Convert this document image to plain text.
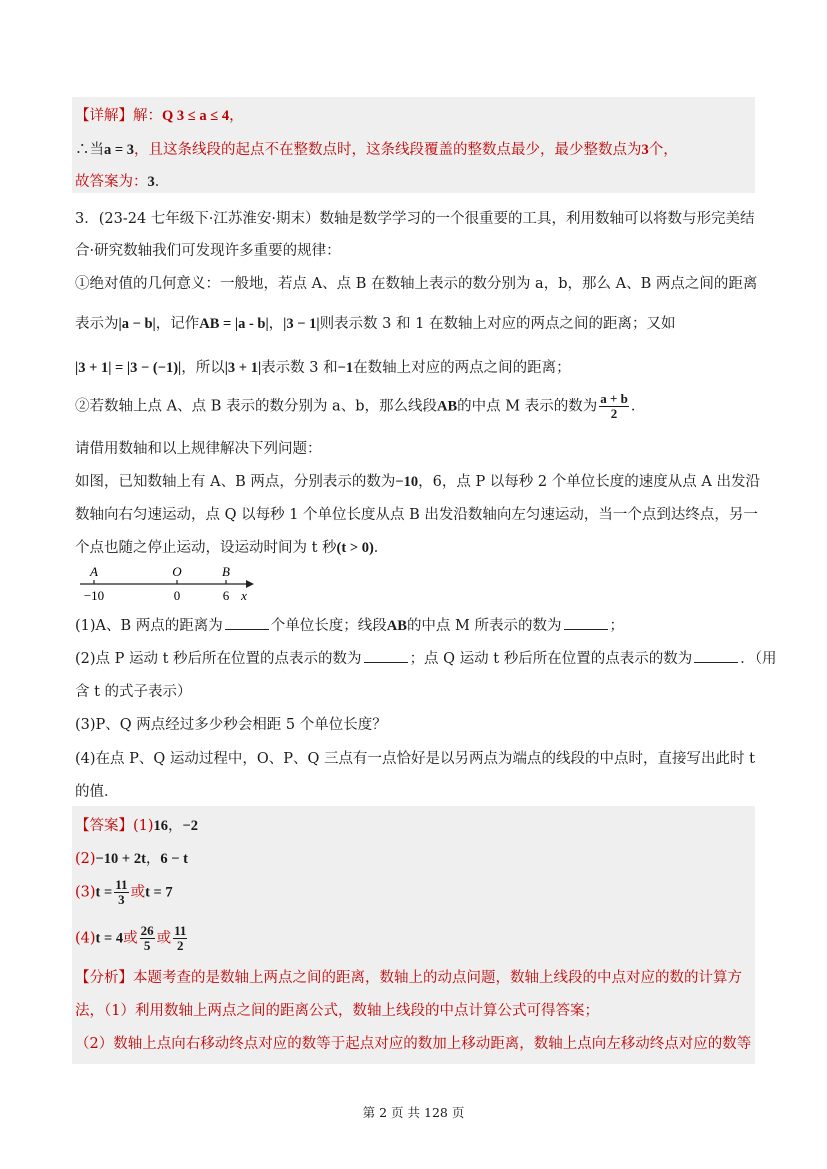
【详解】解：Q 3 ≤ a ≤ 4，
∴当a = 3，且这条线段的起点不在整数点时，这条线段覆盖的整数点最少，最少整数点为3个，
故答案为：3．
3．(23-24 七年级下·江苏淮安·期末）数轴是数学学习的一个很重要的工具，利用数轴可以将数与形完美结
合·研究数轴我们可发现许多重要的规律：
①绝对值的几何意义：一般地，若点 A、点 B 在数轴上表示的数分别为 a，b，那么 A、B 两点之间的距离
表示为|a − b|，记作AB = |a - b|，|3 − 1|则表示数 3 和 1 在数轴上对应的两点之间的距离；又如
|3 + 1| = |3 − (−1)|，所以|3 + 1|表示数 3 和−1在数轴上对应的两点之间的距离；
②若数轴上点 A、点 B 表示的数分别为 a、b，那么线段AB的中点 M 表示的数为 $\frac{a + b}{2}$ ．
请借用数轴和以上规律解决下列问题：
如图，已知数轴上有 A、B 两点，分别表示的数为−10，6，点 P 以每秒 2 个单位长度的速度从点 A 出发沿
数轴向右匀速运动，点 Q 以每秒 1 个单位长度从点 B 出发沿数轴向左匀速运动，当一个点到达终点，另一
个点也随之停止运动，设运动时间为 t 秒(t > 0)．
A	O	B
−10	0	6 x
(1)A、B 两点的距离为	个单位长度；线段AB的中点 M 所表示的数为	；
(2)点 P 运动 t 秒后所在位置的点表示的数为	；点 Q 运动 t 秒后所在位置的点表示的数为	．（用
含 t 的式子表示）
(3)P、Q 两点经过多少秒会相距 5 个单位长度？
(4)在点 P、Q 运动过程中，O、P、Q 三点有一点恰好是以另两点为端点的线段的中点时，直接写出此时 t
的值．
【答案】(1)16，−2
(2)−10 + 2t，6 − t
$(3)t = \frac{11}{3}$ 或t = 7
(4)t = 4或 $\frac{26}{5}$ 或 $\frac{11}{2}$
【分析】本题考查的是数轴上两点之间的距离，数轴上的动点问题，数轴上线段的中点对应的数的计算方
法，（1）利用数轴上两点之间的距离公式，数轴上线段的中点计算公式可得答案；
（2）数轴上点向右移动终点对应的数等于起点对应的数加上移动距离，数轴上点向左移动终点对应的数等
第 2 页 共 128 页
